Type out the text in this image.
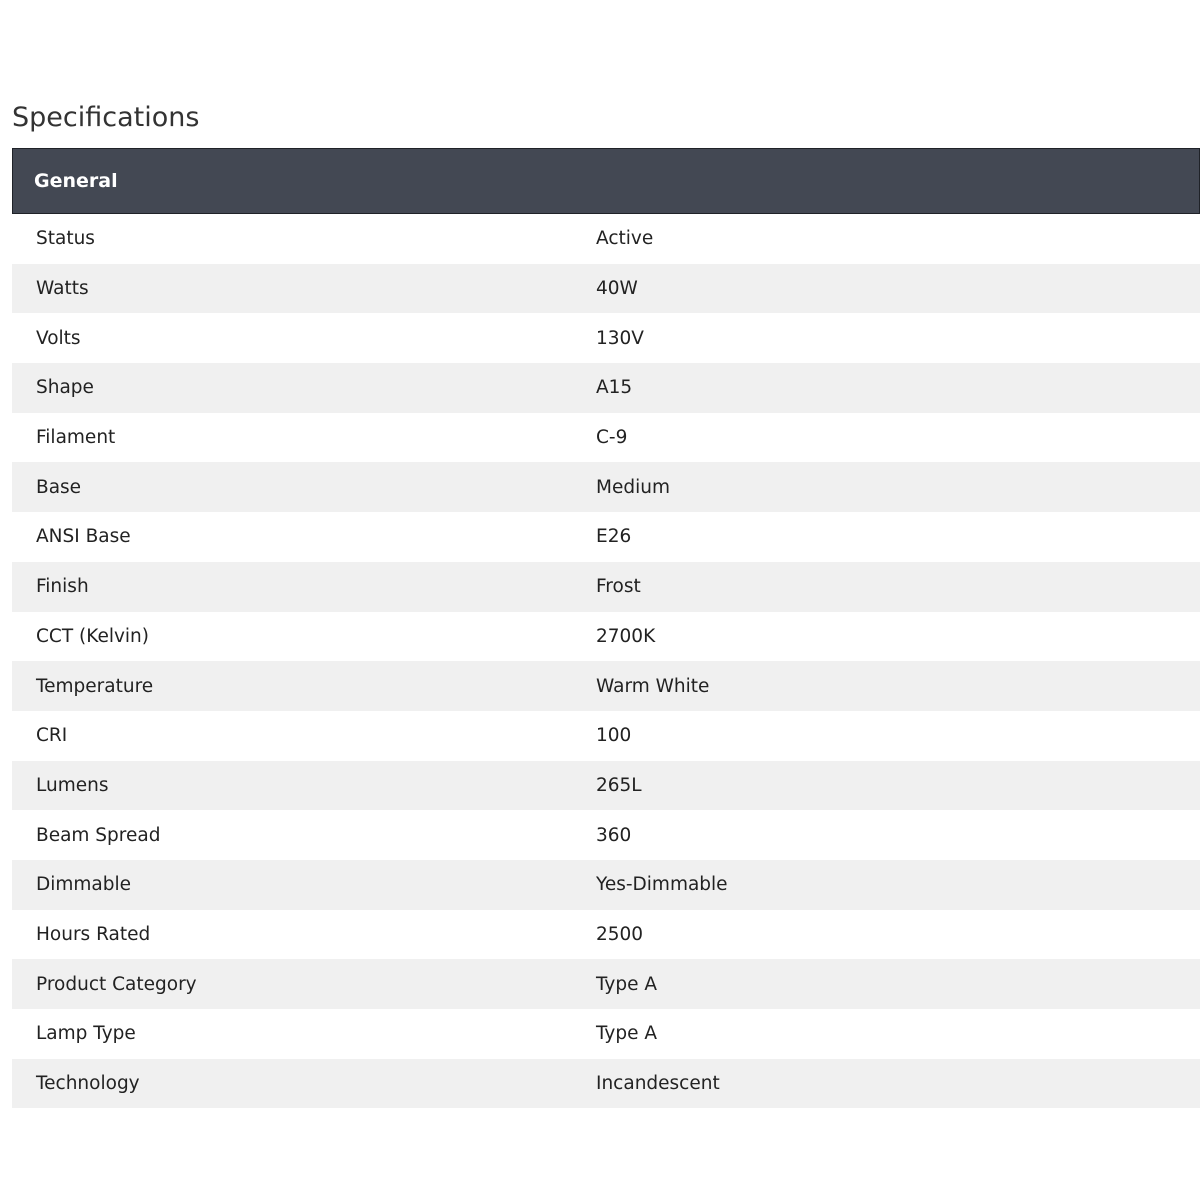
Specifications
General
Status	Active
Watts	40W
Volts	130V
Shape	A15
Filament	C-9
Base	Medium
ANSI Base	E26
Finish	Frost
CCT (Kelvin)	2700K
Temperature	Warm White
CRI	100
Lumens	265L
Beam Spread	360
Dimmable	Yes-Dimmable
Hours Rated	2500
Product Category	Type A
Lamp Type	Type A
Technology	Incandescent
